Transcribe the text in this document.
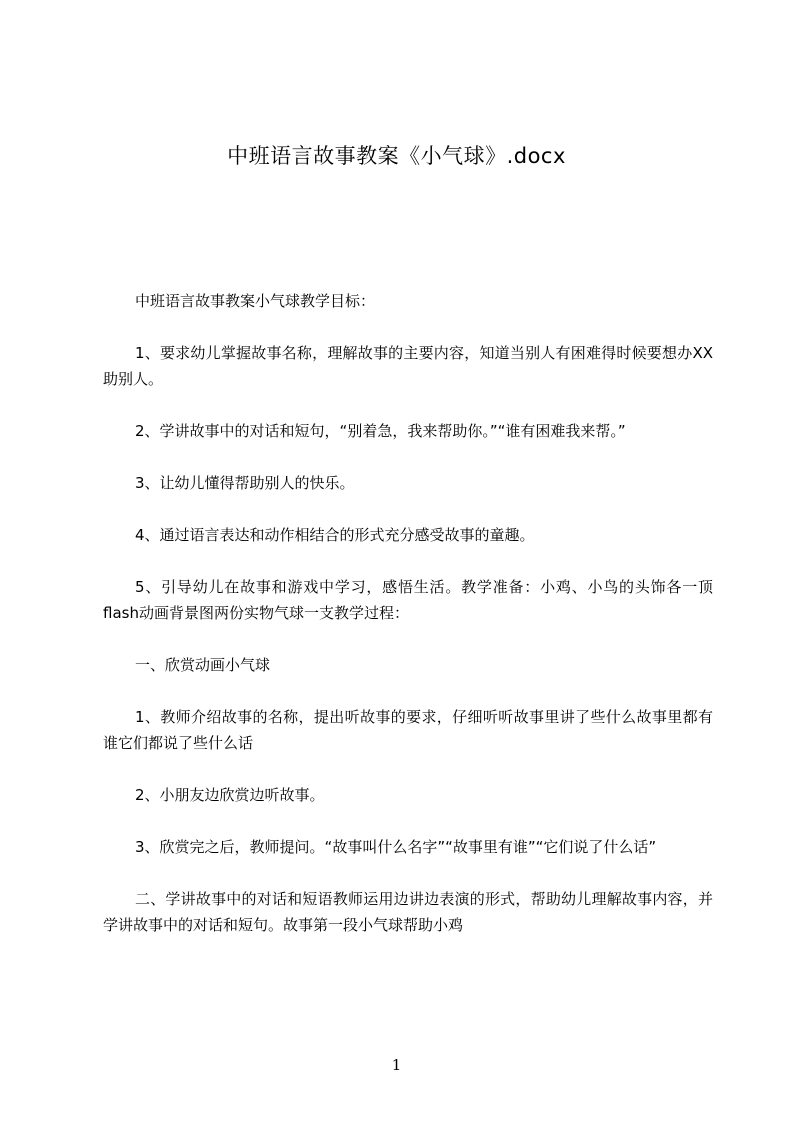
中班语言故事教案《小气球》.docx

中班语言故事教案小气球教学目标：

1、要求幼儿掌握故事名称，理解故事的主要内容，知道当别人有困难得时候要想办XX助别人。

2、学讲故事中的对话和短句，“别着急，我来帮助你。”“谁有困难我来帮。”

3、让幼儿懂得帮助别人的快乐。

4、通过语言表达和动作相结合的形式充分感受故事的童趣。

5、引导幼儿在故事和游戏中学习，感悟生活。教学准备：小鸡、小鸟的头饰各一顶flash动画背景图两份实物气球一支教学过程：

一、欣赏动画小气球

1、教师介绍故事的名称，提出听故事的要求，仔细听听故事里讲了些什么故事里都有谁它们都说了些什么话

2、小朋友边欣赏边听故事。

3、欣赏完之后，教师提问。“故事叫什么名字”“故事里有谁”“它们说了什么话”

二、学讲故事中的对话和短语教师运用边讲边表演的形式，帮助幼儿理解故事内容，并学讲故事中的对话和短句。故事第一段小气球帮助小鸡

1
